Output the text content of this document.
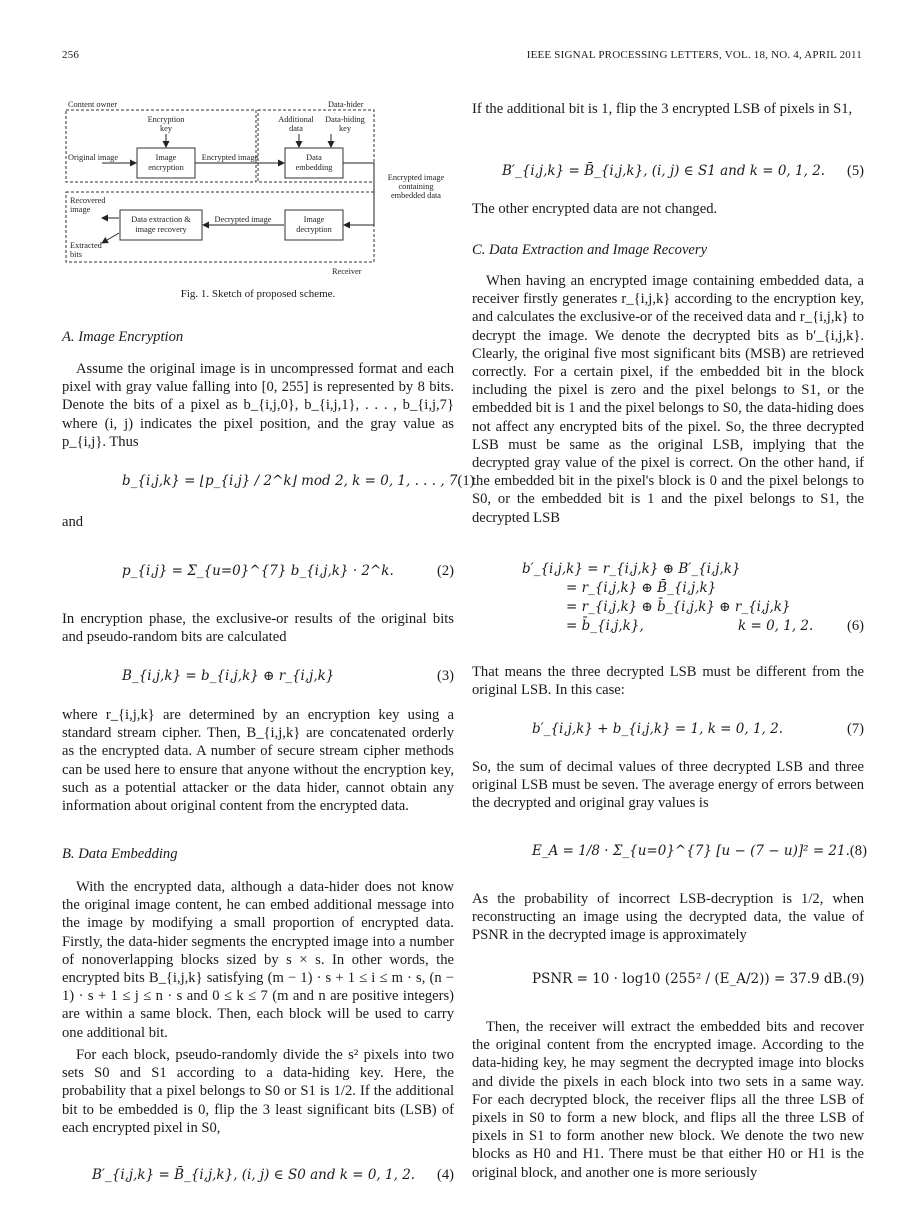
256	IEEE SIGNAL PROCESSING LETTERS, VOL. 18, NO. 4, APRIL 2011
Content owner	Data-hider
Receiver
Encryption
key
Additional
data
Data-hiding
key
Original image	Image
encryption
Encrypted image	Data
embedding
Encrypted image
containing
embedded data
Recovered
image
Data extraction &
image recovery
Decrypted image	Image
decryption
Extracted
bits
Fig. 1. Sketch of proposed scheme.

A. Image Encryption

Assume the original image is in uncompressed format and each pixel with gray value falling into [0, 255] is represented by 8 bits. Denote the bits of a pixel as b_{i,j,0}, b_{i,j,1}, . . . , b_{i,j,7} where (i, j) indicates the pixel position, and the gray value as p_{i,j}. Thus

b_{i,j,k} = ⌊p_{i,j} / 2^k⌋ mod 2, k = 0, 1, . . . , 7 (1)

and

p_{i,j} = Σ_{u=0}^{7} b_{i,j,k} · 2^k.	(2)

In encryption phase, the exclusive-or results of the original bits and pseudo-random bits are calculated

B_{i,j,k} = b_{i,j,k} ⊕ r_{i,j,k}	(3)

where r_{i,j,k} are determined by an encryption key using a standard stream cipher. Then, B_{i,j,k} are concatenated orderly as the encrypted data. A number of secure stream cipher methods can be used here to ensure that anyone without the encryption key, such as a potential attacker or the data hider, cannot obtain any information about original content from the encrypted data.

B. Data Embedding

With the encrypted data, although a data-hider does not know the original image content, he can embed additional message into the image by modifying a small proportion of encrypted data. Firstly, the data-hider segments the encrypted image into a number of nonoverlapping blocks sized by s × s. In other words, the encrypted bits B_{i,j,k} satisfying (m − 1) · s + 1 ≤ i ≤ m · s, (n − 1) · s + 1 ≤ j ≤ n · s and 0 ≤ k ≤ 7 (m and n are positive integers) are within a same block. Then, each block will be used to carry one additional bit.

For each block, pseudo-randomly divide the s² pixels into two sets S0 and S1 according to a data-hiding key. Here, the probability that a pixel belongs to S0 or S1 is 1/2. If the additional bit to be embedded is 0, flip the 3 least significant bits (LSB) of each encrypted pixel in S0,

B′_{i,j,k} = B̄_{i,j,k}, (i, j) ∈ S0 and k = 0, 1, 2. (4)

If the additional bit is 1, flip the 3 encrypted LSB of pixels in S1,

B′_{i,j,k} = B̄_{i,j,k}, (i, j) ∈ S1 and k = 0, 1, 2. (5)

The other encrypted data are not changed.

C. Data Extraction and Image Recovery

When having an encrypted image containing embedded data, a receiver firstly generates r_{i,j,k} according to the encryption key, and calculates the exclusive-or of the received data and r_{i,j,k} to decrypt the image. We denote the decrypted bits as b′_{i,j,k}. Clearly, the original five most significant bits (MSB) are retrieved correctly. For a certain pixel, if the embedded bit in the block including the pixel is zero and the pixel belongs to S1, or the embedded bit is 1 and the pixel belongs to S0, the data-hiding does not affect any encrypted bits of the pixel. So, the three decrypted LSB must be same as the original LSB, implying that the decrypted gray value of the pixel is correct. On the other hand, if the embedded bit in the pixel's block is 0 and the pixel belongs to S0, or the embedded bit is 1 and the pixel belongs to S1, the decrypted LSB

b′_{i,j,k} = r_{i,j,k} ⊕ B′_{i,j,k}
= r_{i,j,k} ⊕ B̄_{i,j,k}
= r_{i,j,k} ⊕ b̄_{i,j,k} ⊕ r_{i,j,k}
= b̄_{i,j,k},	k = 0, 1, 2. (6)

That means the three decrypted LSB must be different from the original LSB. In this case:

b′_{i,j,k} + b_{i,j,k} = 1, k = 0, 1, 2.	(7)

So, the sum of decimal values of three decrypted LSB and three original LSB must be seven. The average energy of errors between the decrypted and original gray values is

E_A = 1/8 · Σ_{u=0}^{7} [u − (7 − u)]² = 21. (8)

As the probability of incorrect LSB-decryption is 1/2, when reconstructing an image using the decrypted data, the value of PSNR in the decrypted image is approximately

PSNR = 10 · log10 (255² / (E_A/2)) = 37.9 dB. (9)

Then, the receiver will extract the embedded bits and recover the original content from the encrypted image. According to the data-hiding key, he may segment the decrypted image into blocks and divide the pixels in each block into two sets in a same way. For each decrypted block, the receiver flips all the three LSB of pixels in S0 to form a new block, and flips all the three LSB of pixels in S1 to form another new block. We denote the two new blocks as H0 and H1. There must be that either H0 or H1 is the original block, and another one is more seriously
